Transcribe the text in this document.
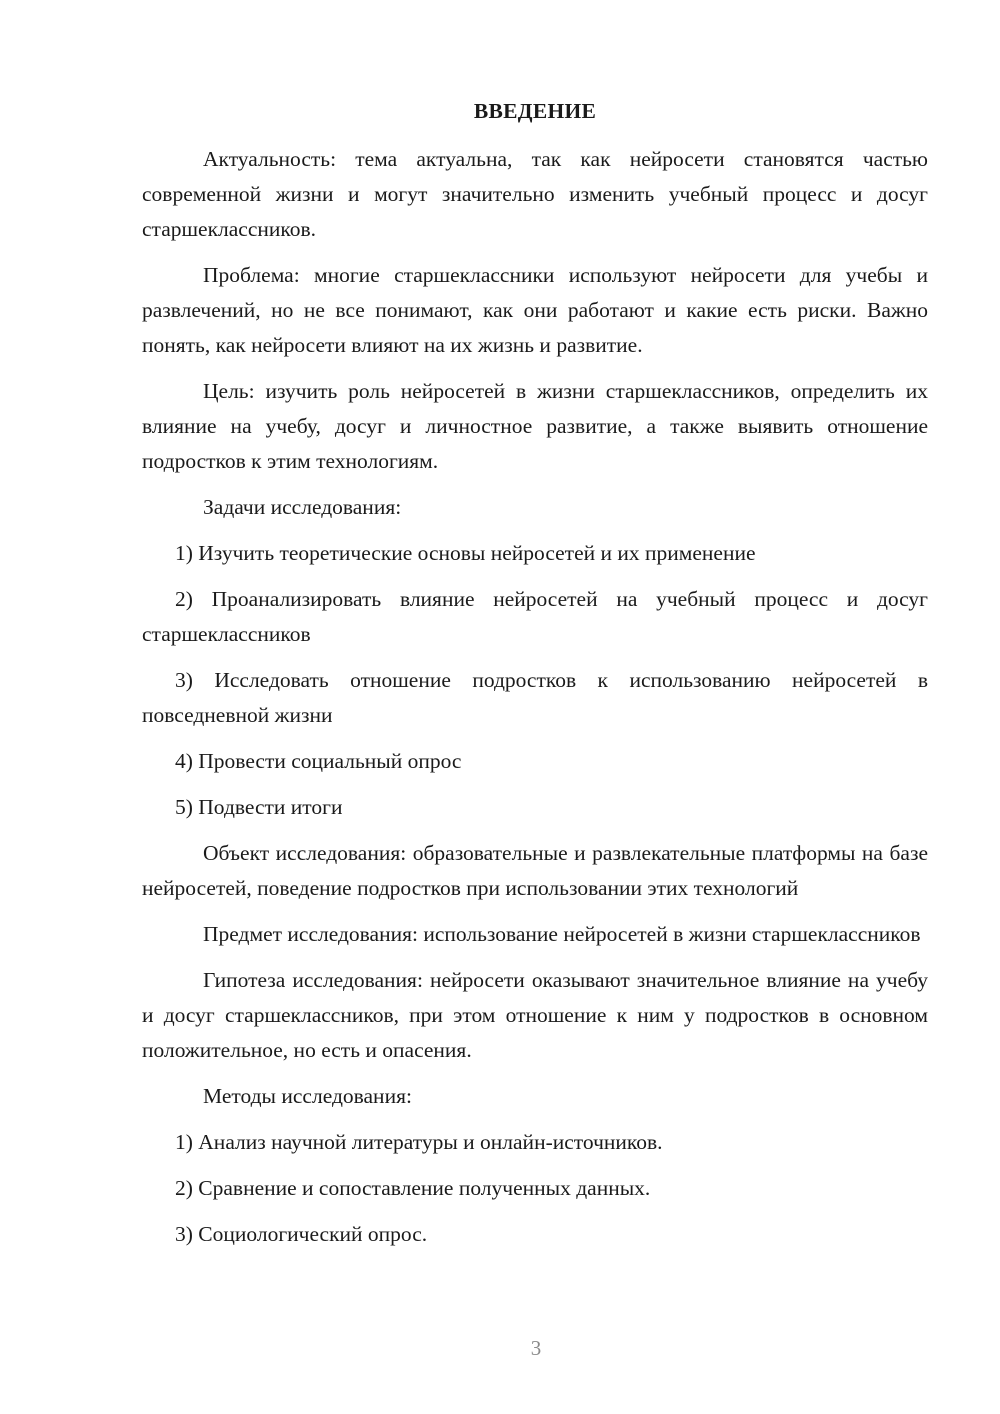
ВВЕДЕНИЕ

Актуальность: тема актуальна, так как нейросети становятся частью современной жизни и могут значительно изменить учебный процесс и досуг старшеклассников.

Проблема: многие старшеклассники используют нейросети для учебы и развлечений, но не все понимают, как они работают и какие есть риски. Важно понять, как нейросети влияют на их жизнь и развитие.

Цель: изучить роль нейросетей в жизни старшеклассников, определить их влияние на учебу, досуг и личностное развитие, а также выявить отношение подростков к этим технологиям.

Задачи исследования:

1) Изучить теоретические основы нейросетей и их применение

2) Проанализировать влияние нейросетей на учебный процесс и досуг старшеклассников

3) Исследовать отношение подростков к использованию нейросетей в повседневной жизни

4) Провести социальный опрос

5) Подвести итоги

Объект исследования: образовательные и развлекательные платформы на базе нейросетей, поведение подростков при использовании этих технологий

Предмет исследования: использование нейросетей в жизни старшеклассников

Гипотеза исследования: нейросети оказывают значительное влияние на учебу и досуг старшеклассников, при этом отношение к ним у подростков в основном положительное, но есть и опасения.

Методы исследования:

1) Анализ научной литературы и онлайн-источников.

2) Сравнение и сопоставление полученных данных.

3) Социологический опрос.

3
